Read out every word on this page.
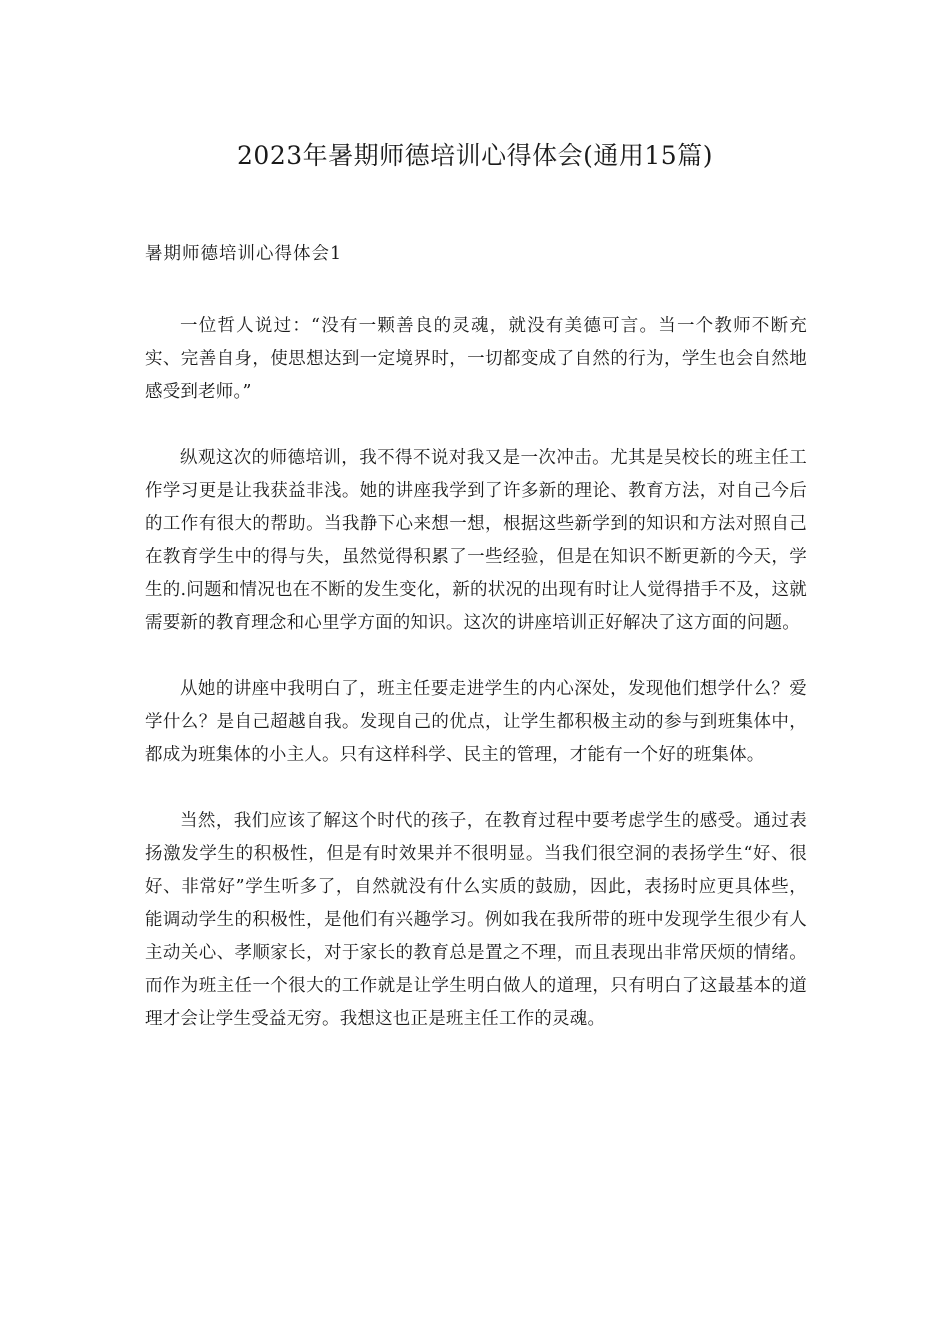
2023年暑期师德培训心得体会(通用15篇)
暑期师德培训心得体会1

一位哲人说过：“没有一颗善良的灵魂，就没有美德可言。当一个教师不断充实、完善自身，使思想达到一定境界时，一切都变成了自然的行为，学生也会自然地感受到老师。”

纵观这次的师德培训，我不得不说对我又是一次冲击。尤其是吴校长的班主任工作学习更是让我获益非浅。她的讲座我学到了许多新的理论、教育方法，对自己今后的工作有很大的帮助。当我静下心来想一想，根据这些新学到的知识和方法对照自己在教育学生中的得与失，虽然觉得积累了一些经验，但是在知识不断更新的今天，学生的.问题和情况也在不断的发生变化，新的状况的出现有时让人觉得措手不及，这就需要新的教育理念和心里学方面的知识。这次的讲座培训正好解决了这方面的问题。

从她的讲座中我明白了，班主任要走进学生的内心深处，发现他们想学什么？爱学什么？是自己超越自我。发现自己的优点，让学生都积极主动的参与到班集体中，都成为班集体的小主人。只有这样科学、民主的管理，才能有一个好的班集体。

当然，我们应该了解这个时代的孩子，在教育过程中要考虑学生的感受。通过表扬激发学生的积极性，但是有时效果并不很明显。当我们很空洞的表扬学生“好、很好、非常好”学生听多了，自然就没有什么实质的鼓励，因此，表扬时应更具体些，能调动学生的积极性，是他们有兴趣学习。例如我在我所带的班中发现学生很少有人主动关心、孝顺家长，对于家长的教育总是置之不理，而且表现出非常厌烦的情绪。而作为班主任一个很大的工作就是让学生明白做人的道理，只有明白了这最基本的道理才会让学生受益无穷。我想这也正是班主任工作的灵魂。
